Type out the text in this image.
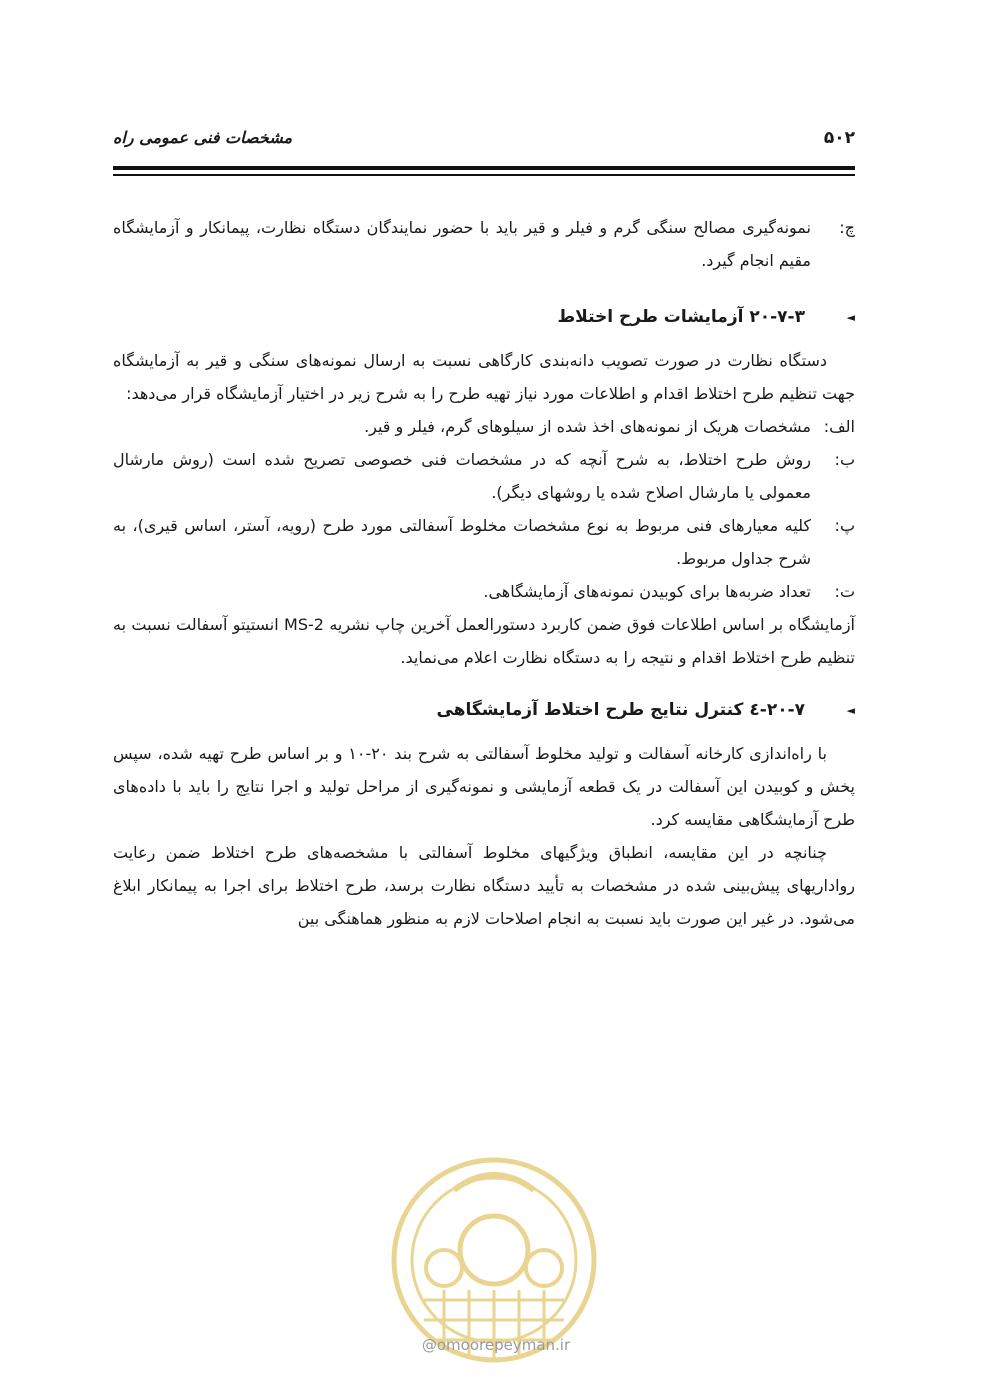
۵۰۲
مشخصات فنی عمومی راه
چ:
نمونه‌گیری مصالح سنگی گرم و فیلر و قیر باید با حضور نمایندگان دستگاه نظارت، پیمانکار و آزمایشگاه مقیم انجام گیرد.
◄
۲۰-۷-۳ آزمایشات طرح اختلاط

دستگاه نظارت در صورت تصویب دانه‌بندی کارگاهی نسبت به ارسال نمونه‌های سنگی و قیر به آزمایشگاه جهت تنظیم طرح اختلاط اقدام و اطلاعات مورد نیاز تهیه طرح را به شرح زیر در اختیار آزمایشگاه قرار می‌دهد:

الف:
مشخصات هریک از نمونه‌های اخذ شده از سیلوهای گرم، فیلر و قیر.
ب:
روش طرح اختلاط، به شرح آنچه که در مشخصات فنی خصوصی تصریح شده است (روش مارشال معمولی یا مارشال اصلاح شده یا روشهای دیگر).
پ:
کلیه معیارهای فنی مربوط به نوع مشخصات مخلوط آسفالتی مورد طرح (رویه، آستر، اساس قیری)، به شرح جداول مربوط.
ت:
تعداد ضربه‌ها برای کوبیدن نمونه‌های آزمایشگاهی.

آزمایشگاه بر اساس اطلاعات فوق ضمن کاربرد دستورالعمل آخرین چاپ نشریه MS-2 انستیتو آسفالت نسبت به تنظیم طرح اختلاط اقدام و نتیجه را به دستگاه نظارت اعلام می‌نماید.

◄
۲۰-۷-٤ کنترل نتایج طرح اختلاط آزمایشگاهی

با راه‌اندازی کارخانه آسفالت و تولید مخلوط آسفالتی به شرح بند ۲۰-۱۰ و بر اساس طرح تهیه شده، سپس پخش و کوبیدن این آسفالت در یک قطعه آزمایشی و نمونه‌گیری از مراحل تولید و اجرا نتایج را باید با داده‌های طرح آزمایشگاهی مقایسه کرد.

چنانچه در این مقایسه، انطباق ویژگیهای مخلوط آسفالتی با مشخصه‌های طرح اختلاط ضمن رعایت رواداریهای پیش‌بینی شده در مشخصات به تأیید دستگاه نظارت برسد، طرح اختلاط برای اجرا به پیمانکار ابلاغ می‌شود. در غیر این صورت باید نسبت به انجام اصلاحات لازم به منظور هماهنگی بین

@omoorepeyman.ir
